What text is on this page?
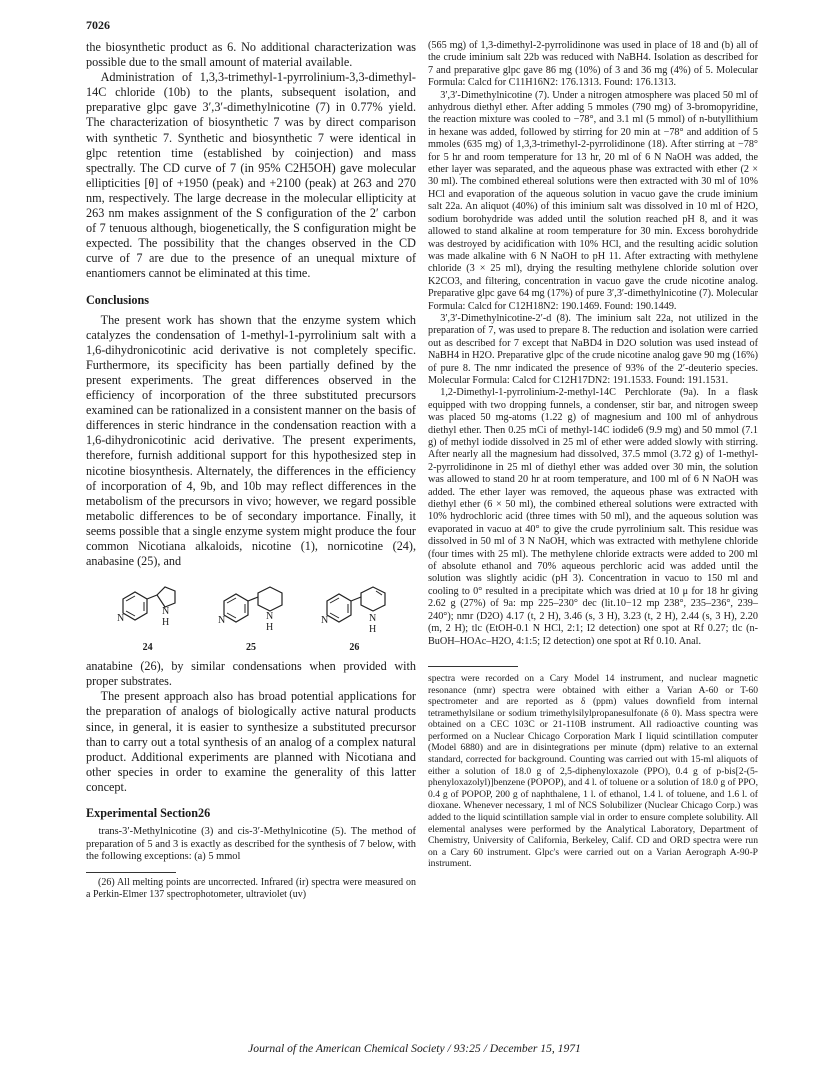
7026

the biosynthetic product as 6. No additional characterization was possible due to the small amount of material available.

Administration of 1,3,3-trimethyl-1-pyrrolinium-3,3-dimethyl-14C chloride (10b) to the plants, subsequent isolation, and preparative glpc gave 3′,3′-dimethylnicotine (7) in 0.77% yield. The characterization of biosynthetic 7 was by direct comparison with synthetic 7. Synthetic and biosynthetic 7 were identical in glpc retention time (established by coinjection) and mass spectrally. The CD curve of 7 (in 95% C2H5OH) gave molecular ellipticities [θ] of +1950 (peak) and +2100 (peak) at 263 and 270 nm, respectively. The large decrease in the molecular ellipticity at 263 nm makes assignment of the S configuration of the 2′ carbon of 7 tenuous although, biogenetically, the S configuration might be expected. The possibility that the changes observed in the CD curve of 7 are due to the presence of an unequal mixture of enantiomers cannot be eliminated at this time.

Conclusions

The present work has shown that the enzyme system which catalyzes the condensation of 1-methyl-1-pyrrolinium salt with a 1,6-dihydronicotinic acid derivative is not completely specific. Furthermore, its specificity has been partially defined by the present experiments. The great differences observed in the efficiency of incorporation of the three substituted precursors examined can be rationalized in a consistent manner on the basis of differences in steric hindrance in the condensation reaction with a 1,6-dihydronicotinic acid derivative. The present experiments, therefore, furnish additional support for this hypothesized step in nicotine biosynthesis. Alternately, the differences in the efficiency of incorporation of 4, 9b, and 10b may reflect differences in the metabolism of the precursors in vivo; however, we regard possible metabolic differences to be of secondary importance. Finally, it seems possible that a single enzyme system might produce the four common Nicotiana alkaloids, nicotine (1), nornicotine (24), anabasine (25), and

N
N
H
24
N	N
H
25
N	N
H
26

anatabine (26), by similar condensations when provided with proper substrates.

The present approach also has broad potential applications for the preparation of analogs of biologically active natural products since, in general, it is easier to synthesize a substituted precursor than to carry out a total synthesis of an analog of a complex natural product. Additional experiments are planned with Nicotiana and other species in order to examine the generality of this latter concept.

Experimental Section26

trans-3′-Methylnicotine (3) and cis-3′-Methylnicotine (5). The method of preparation of 5 and 3 is exactly as described for the synthesis of 7 below, with the following exceptions: (a) 5 mmol

(26) All melting points are uncorrected. Infrared (ir) spectra were measured on a Perkin-Elmer 137 spectrophotometer, ultraviolet (uv)

(565 mg) of 1,3-dimethyl-2-pyrrolidinone was used in place of 18 and (b) all of the crude iminium salt 22b was reduced with NaBH4. Isolation as described for 7 and preparative glpc gave 86 mg (10%) of 3 and 36 mg (4%) of 5. Molecular Formula: Calcd for C11H16N2: 176.1313. Found: 176.1313.

3′,3′-Dimethylnicotine (7). Under a nitrogen atmosphere was placed 50 ml of anhydrous diethyl ether. After adding 5 mmoles (790 mg) of 3-bromopyridine, the reaction mixture was cooled to −78°, and 3.1 ml (5 mmol) of n-butyllithium in hexane was added, followed by stirring for 20 min at −78° and addition of 5 mmoles (635 mg) of 1,3,3-trimethyl-2-pyrrolidinone (18). After stirring at −78° for 5 hr and room temperature for 13 hr, 20 ml of 6 N NaOH was added, the ether layer was separated, and the aqueous phase was extracted with ether (2 × 30 ml). The combined ethereal solutions were then extracted with 30 ml of 10% HCl and evaporation of the aqueous solution in vacuo gave the crude iminium salt 22a. An aliquot (40%) of this iminium salt was dissolved in 10 ml of H2O, sodium borohydride was added until the solution reached pH 8, and it was allowed to stand alkaline at room temperature for 30 min. Excess borohydride was destroyed by acidification with 10% HCl, and the resulting acidic solution was made alkaline with 6 N NaOH to pH 11. After extracting with methylene chloride (3 × 25 ml), drying the resulting methylene chloride solution over K2CO3, and filtering, concentration in vacuo gave the crude nicotine analog. Preparative glpc gave 64 mg (17%) of pure 3′,3′-dimethylnicotine (7). Molecular Formula: Calcd for C12H18N2: 190.1469. Found: 190.1449.

3′,3′-Dimethylnicotine-2′-d (8). The iminium salt 22a, not utilized in the preparation of 7, was used to prepare 8. The reduction and isolation were carried out as described for 7 except that NaBD4 in D2O solution was used instead of NaBH4 in H2O. Preparative glpc of the crude nicotine analog gave 90 mg (16%) of pure 8. The nmr indicated the presence of 93% of the 2′-deuterio species. Molecular Formula: Calcd for C12H17DN2: 191.1533. Found: 191.1531.

1,2-Dimethyl-1-pyrrolinium-2-methyl-14C Perchlorate (9a). In a flask equipped with two dropping funnels, a condenser, stir bar, and nitrogen sweep was placed 50 mg-atoms (1.22 g) of magnesium and 100 ml of anhydrous diethyl ether. Then 0.25 mCi of methyl-14C iodide6 (9.9 mg) and 50 mmol (7.1 g) of methyl iodide dissolved in 25 ml of ether were added slowly with stirring. After nearly all the magnesium had dissolved, 37.5 mmol (3.72 g) of 1-methyl-2-pyrrolidinone in 25 ml of diethyl ether was added over 30 min, the solution was allowed to stand 20 hr at room temperature, and 100 ml of 6 N NaOH was added. The ether layer was removed, the aqueous phase was extracted with diethyl ether (6 × 50 ml), the combined ethereal solutions were extracted with 10% hydrochloric acid (three times with 50 ml), and the aqueous solution was evaporated in vacuo at 40° to give the crude pyrrolinium salt. This residue was dissolved in 50 ml of 3 N NaOH, which was extracted with methylene chloride (four times with 25 ml). The methylene chloride extracts were added to 200 ml of absolute ethanol and 70% aqueous perchloric acid was added until the solution was slightly acidic (pH 3). Concentration in vacuo to 150 ml and cooling to 0° resulted in a precipitate which was dried at 10 μ for 18 hr giving 2.62 g (27%) of 9a: mp 225–230° dec (lit.10−12 mp 238°, 235–236°, 239–240°); nmr (D2O) 4.17 (t, 2 H), 3.46 (s, 3 H), 3.23 (t, 2 H), 2.44 (s, 3 H), 2.20 (m, 2 H); tlc (EtOH-0.1 N HCl, 2:1; I2 detection) one spot at Rf 0.27; tlc (n-BuOH–HOAc–H2O, 4:1:5; I2 detection) one spot at Rf 0.10. Anal.

spectra were recorded on a Cary Model 14 instrument, and nuclear magnetic resonance (nmr) spectra were obtained with either a Varian A-60 or T-60 spectrometer and are reported as δ (ppm) values downfield from internal tetramethylsilane or sodium trimethylsilylpropanesulfonate (δ 0). Mass spectra were obtained on a CEC 103C or 21-110B instrument. All radioactive counting was performed on a Nuclear Chicago Corporation Mark I liquid scintillation computer (Model 6880) and are in disintegrations per minute (dpm) relative to an external standard, corrected for background. Counting was carried out with 15-ml aliquots of either a solution of 18.0 g of 2,5-diphenyloxazole (PPO), 0.4 g of p-bis[2-(5-phenyloxazolyl)]benzene (POPOP), and 4 l. of toluene or a solution of 18.0 g of PPO, 0.4 g of POPOP, 200 g of naphthalene, 1 l. of ethanol, 1.4 l. of toluene, and 1.6 l. of dioxane. Whenever necessary, 1 ml of NCS Solubilizer (Nuclear Chicago Corp.) was added to the liquid scintillation sample vial in order to ensure complete solubility. All elemental analyses were performed by the Analytical Laboratory, Department of Chemistry, University of California, Berkeley, Calif. CD and ORD spectra were run on a Cary 60 instrument. Glpc's were carried out on a Varian Aerograph A-90-P instrument.

Journal of the American Chemical Society / 93:25 / December 15, 1971
